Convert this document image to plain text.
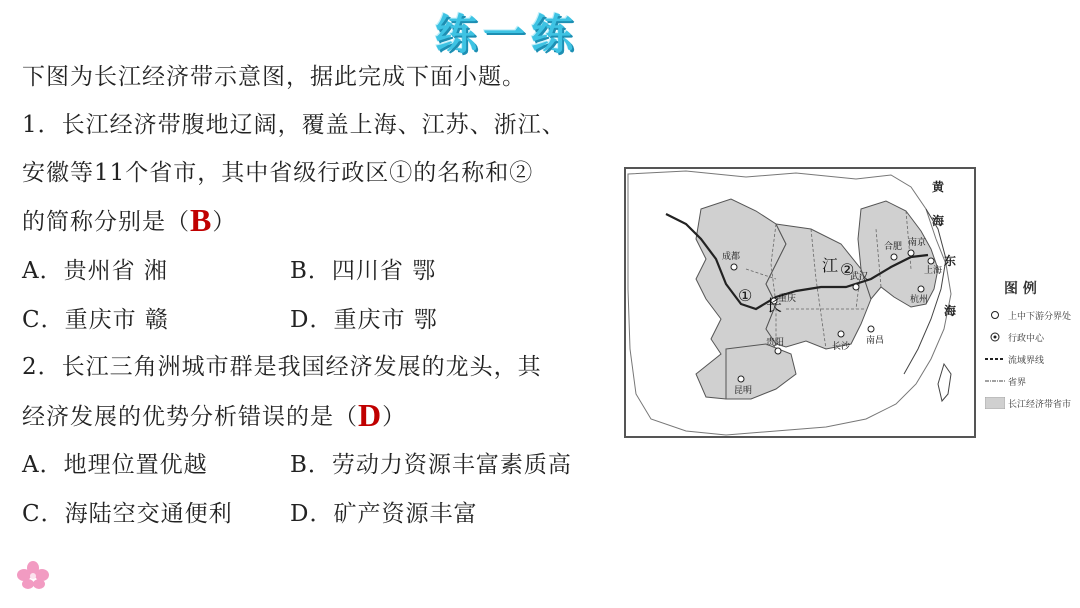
练一练
下图为长江经济带示意图，据此完成下面小题。
1．长江经济带腹地辽阔，覆盖上海、江苏、浙江、
安徽等11个省市，其中省级行政区①的名称和②
的简称分别是（B）
A．贵州省 湘	B．四川省 鄂
C．重庆市 赣	D．重庆市 鄂
2．长江三角洲城市群是我国经济发展的龙头，其
经济发展的优势分析错误的是（D）
A．地理位置优越	B．劳动力资源丰富素质高
C．海陆空交通便利 D．矿产资源丰富
成都
重庆
贵阳
昆明
长沙
南昌
武汉
合肥 南京
上海
杭州
江
长
①
②
黄
海
东
海
图 例
上中下游分界处
行政中心
流域界线
省界
长江经济带省市
